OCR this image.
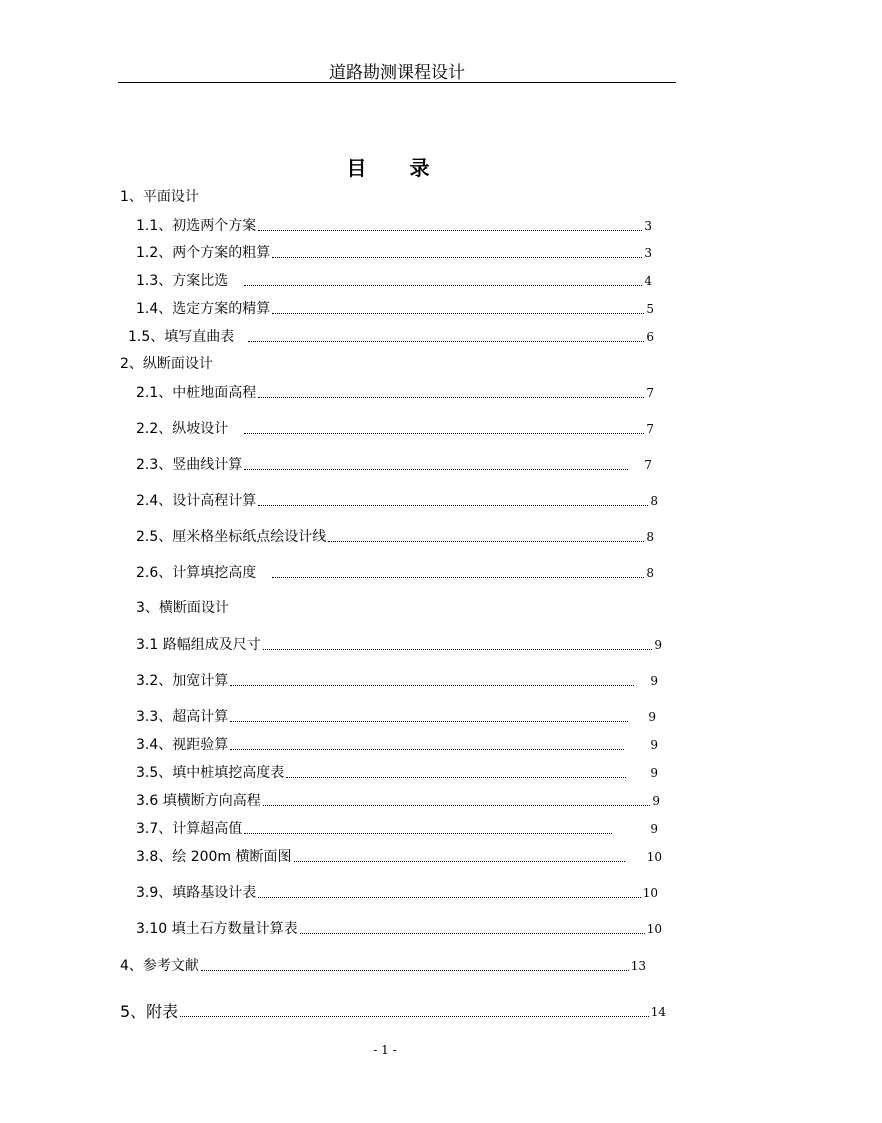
道路勘测课程设计
目 录
1、平面设计
1.1、初选两个方案	3
1.2、两个方案的粗算	3
1.3、方案比选	4
1.4、选定方案的精算	5
1.5、填写直曲表	6
2、纵断面设计
2.1、中桩地面高程	7
2.2、纵坡设计	7
2.3、竖曲线计算	7
2.4、设计高程计算	8
2.5、厘米格坐标纸点绘设计线	8
2.6、计算填挖高度	8
3、横断面设计
3.1 路幅组成及尺寸	9
3.2、加宽计算	9
3.3、超高计算	9
3.4、视距验算	9
3.5、填中桩填挖高度表	9
3.6 填横断方向高程	9
3.7、计算超高值	9
3.8、绘 200m 横断面图	10
3.9、填路基设计表	10
3.10 填土石方数量计算表	10
4、参考文献	13
5、附表	14
- 1 -
